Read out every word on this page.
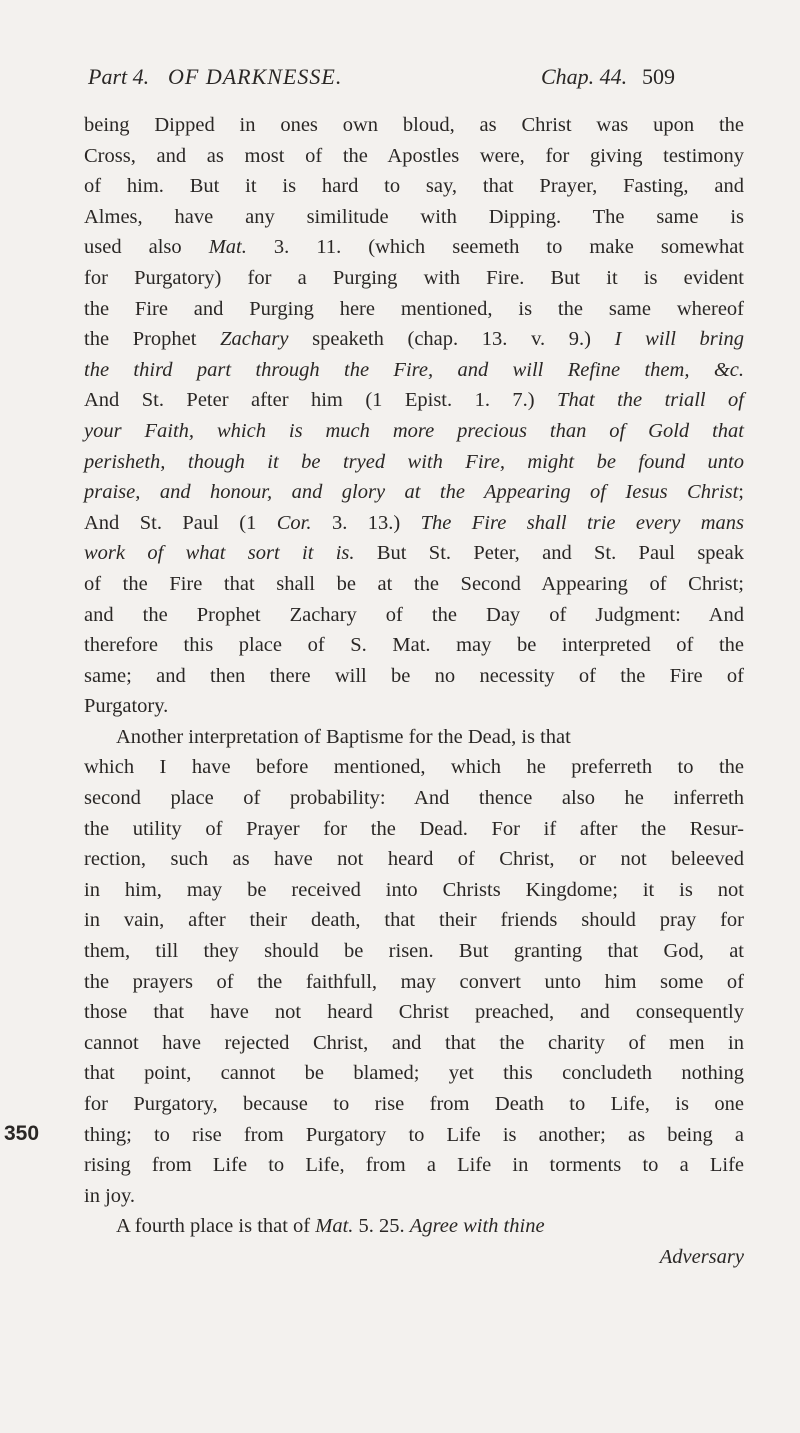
Part 4. OF DARKNESSE.	Chap. 44. 509
350
being Dipped in ones own bloud, as Christ was upon the
Cross, and as most of the Apostles were, for giving testimony
of him. But it is hard to say, that Prayer, Fasting, and
Almes, have any similitude with Dipping. The same is
used also Mat. 3. 11. (which seemeth to make somewhat
for Purgatory) for a Purging with Fire. But it is evident
the Fire and Purging here mentioned, is the same whereof
the Prophet Zachary speaketh (chap. 13. v. 9.) I will bring
the third part through the Fire, and will Refine them, &c.
And St. Peter after him (1 Epist. 1. 7.) That the triall of
your Faith, which is much more precious than of Gold that
perisheth, though it be tryed with Fire, might be found unto
praise, and honour, and glory at the Appearing of Iesus Christ;
And St. Paul (1 Cor. 3. 13.) The Fire shall trie every mans
work of what sort it is. But St. Peter, and St. Paul speak
of the Fire that shall be at the Second Appearing of Christ;
and the Prophet Zachary of the Day of Judgment: And
therefore this place of S. Mat. may be interpreted of the
same; and then there will be no necessity of the Fire of
Purgatory.
Another interpretation of Baptisme for the Dead, is that
which I have before mentioned, which he preferreth to the
second place of probability: And thence also he inferreth
the utility of Prayer for the Dead. For if after the Resur-
rection, such as have not heard of Christ, or not beleeved
in him, may be received into Christs Kingdome; it is not
in vain, after their death, that their friends should pray for
them, till they should be risen. But granting that God, at
the prayers of the faithfull, may convert unto him some of
those that have not heard Christ preached, and consequently
cannot have rejected Christ, and that the charity of men in
that point, cannot be blamed; yet this concludeth nothing
for Purgatory, because to rise from Death to Life, is one
thing; to rise from Purgatory to Life is another; as being a
rising from Life to Life, from a Life in torments to a Life
in joy.
A fourth place is that of Mat. 5. 25. Agree with thine
Adversary
